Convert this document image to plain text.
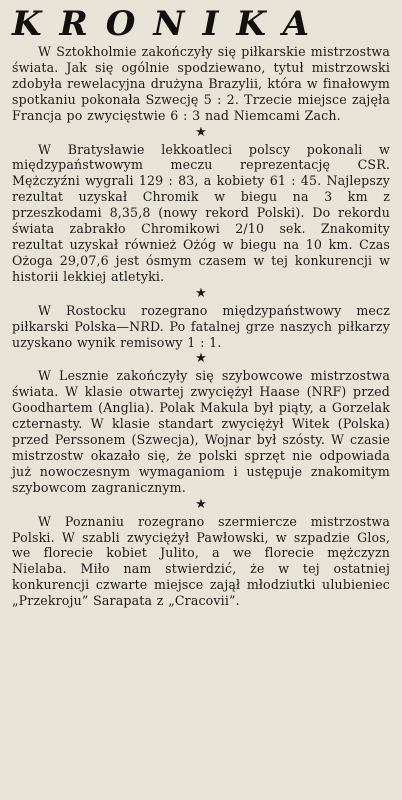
KRONIKA

W Sztokholmie zakończyły się piłkarskie mistrzostwa świata. Jak się ogólnie spodziewano, tytuł mistrzowski zdobyła rewelacyjna drużyna Brazylii, która w finałowym spotkaniu pokonała Szwecję 5 : 2. Trzecie miejsce zajęła Francja po zwycięstwie 6 : 3 nad Niemcami Zach.

★

W Bratysławie lekkoatleci polscy pokonali w międzypaństwowym meczu reprezentację CSR. Mężczyźni wygrali 129 : 83, a kobiety 61 : 45. Najlepszy rezultat uzyskał Chromik w biegu na 3 km z przeszkodami 8,35,8 (nowy rekord Polski). Do rekordu świata zabrakło Chromikowi 2/10 sek. Znakomity rezultat uzyskał również Ożóg w biegu na 10 km. Czas Ożoga 29,07,6 jest ósmym czasem w tej konkurencji w historii lekkiej atletyki.

★

W Rostocku rozegrano międzypaństwowy mecz piłkarski Polska—NRD. Po fatalnej grze naszych piłkarzy uzyskano wynik remisowy 1 : 1.

★

W Lesznie zakończyły się szybowcowe mistrzostwa świata. W klasie otwartej zwyciężył Haase (NRF) przed Goodhartem (Anglia). Polak Makula był piąty, a Gorzelak czternasty. W klasie standart zwyciężył Witek (Polska) przed Perssonem (Szwecja), Wojnar był szósty. W czasie mistrzostw okazało się, że polski sprzęt nie odpowiada już nowoczesnym wymaganiom i ustępuje znakomitym szybowcom zagranicznym.

★

W Poznaniu rozegrano szermiercze mistrzostwa Polski. W szabli zwyciężył Pawłowski, w szpadzie Glos, we florecie kobiet Julito, a we florecie mężczyzn Nielaba. Miło nam stwierdzić, że w tej ostatniej konkurencji czwarte miejsce zajął młodziutki ulubieniec „Przekroju” Sarapata z „Cracovii”.
